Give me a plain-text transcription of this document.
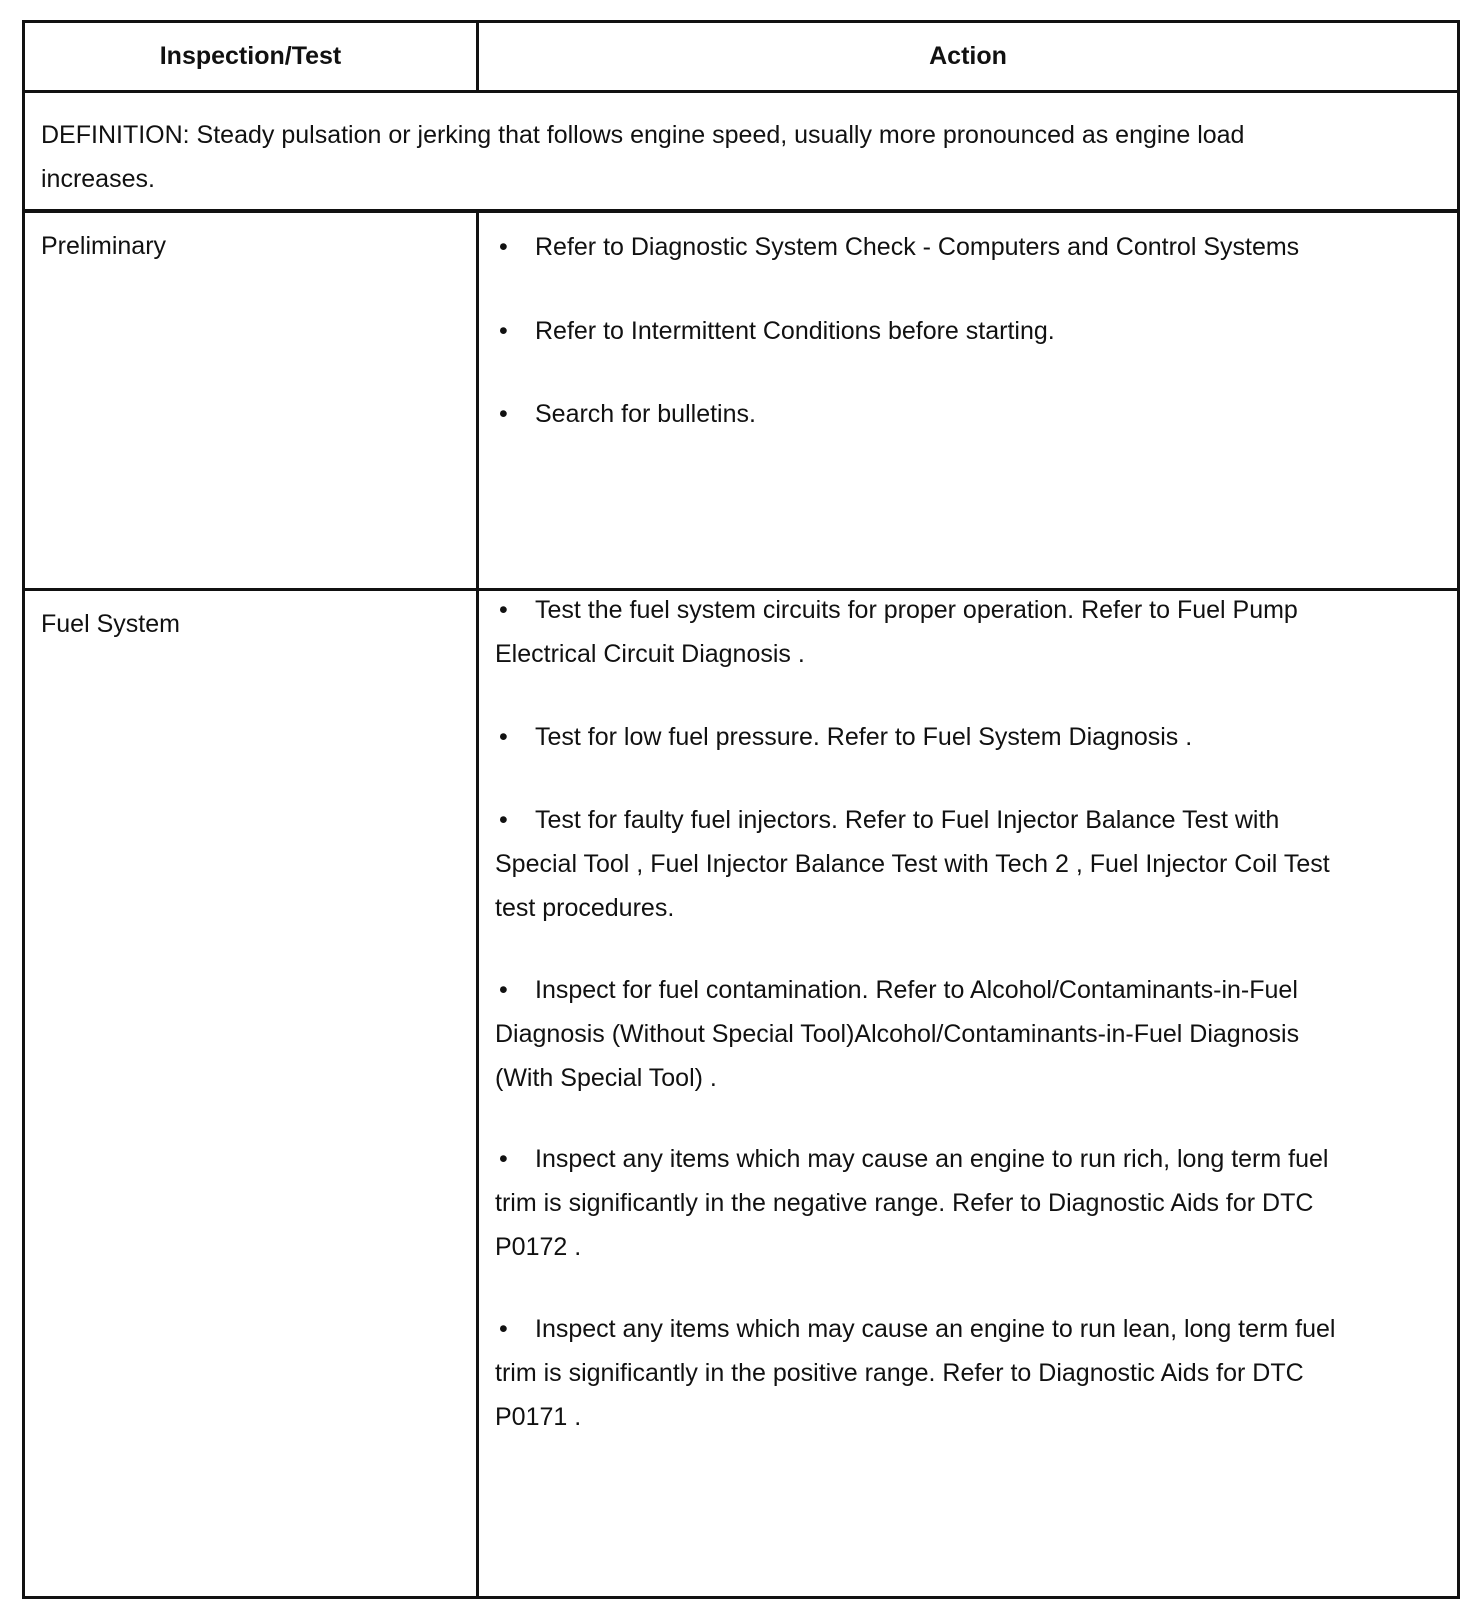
Inspection/Test	Action
DEFINITION: Steady pulsation or jerking that follows engine speed, usually more pronounced as engine load increases.
Preliminary	• Refer to Diagnostic System Check - Computers and Control Systems
• Refer to Intermittent Conditions before starting.
• Search for bulletins.
Fuel System	• Test the fuel system circuits for proper operation. Refer to Fuel Pump Electrical Circuit Diagnosis .
• Test for low fuel pressure. Refer to Fuel System Diagnosis .
• Test for faulty fuel injectors. Refer to Fuel Injector Balance Test with Special Tool , Fuel Injector Balance Test with Tech 2 , Fuel Injector Coil Test test procedures.
• Inspect for fuel contamination. Refer to Alcohol/Contaminants-in-Fuel Diagnosis (Without Special Tool)Alcohol/Contaminants-in-Fuel Diagnosis (With Special Tool) .
• Inspect any items which may cause an engine to run rich, long term fuel trim is significantly in the negative range. Refer to Diagnostic Aids for DTC P0172 .
• Inspect any items which may cause an engine to run lean, long term fuel trim is significantly in the positive range. Refer to Diagnostic Aids for DTC P0171 .
